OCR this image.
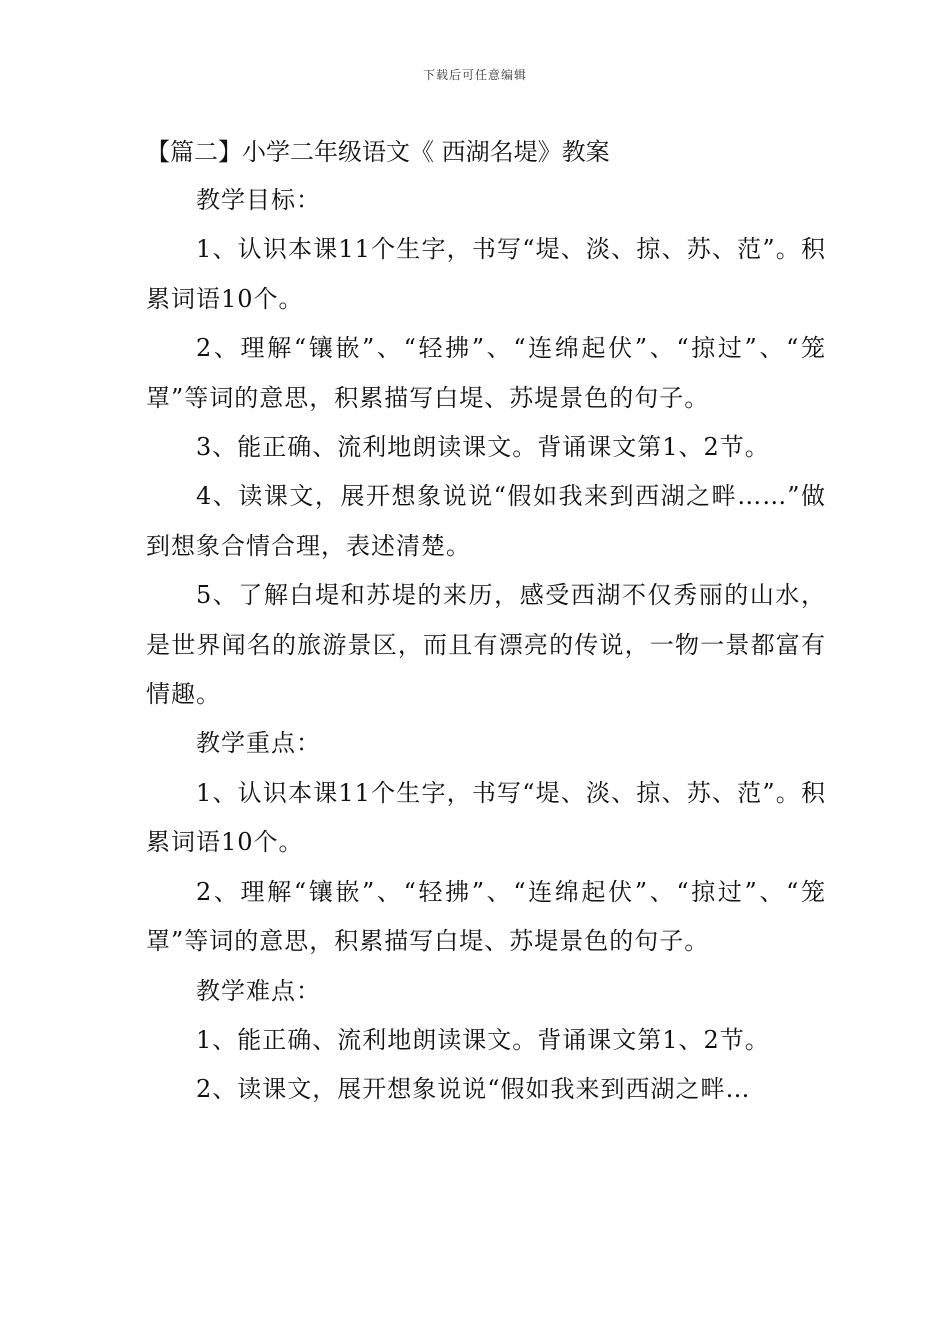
下载后可任意编辑
【篇二】小学二年级语文《 西湖名堤》教案

教学目标：

1、认识本课11个生字，书写“堤、淡、掠、苏、范”。积累词语10个。

2、理解“镶嵌”、“轻拂”、“连绵起伏”、“掠过”、“笼罩”等词的意思，积累描写白堤、苏堤景色的句子。

3、能正确、流利地朗读课文。背诵课文第1、2节。

4、读课文，展开想象说说“假如我来到西湖之畔……”做到想象合情合理，表述清楚。

5、了解白堤和苏堤的来历，感受西湖不仅秀丽的山水，是世界闻名的旅游景区，而且有漂亮的传说，一物一景都富有情趣。

教学重点：

1、认识本课11个生字，书写“堤、淡、掠、苏、范”。积累词语10个。

2、理解“镶嵌”、“轻拂”、“连绵起伏”、“掠过”、“笼罩”等词的意思，积累描写白堤、苏堤景色的句子。

教学难点：

1、能正确、流利地朗读课文。背诵课文第1、2节。

2、读课文，展开想象说说“假如我来到西湖之畔…
